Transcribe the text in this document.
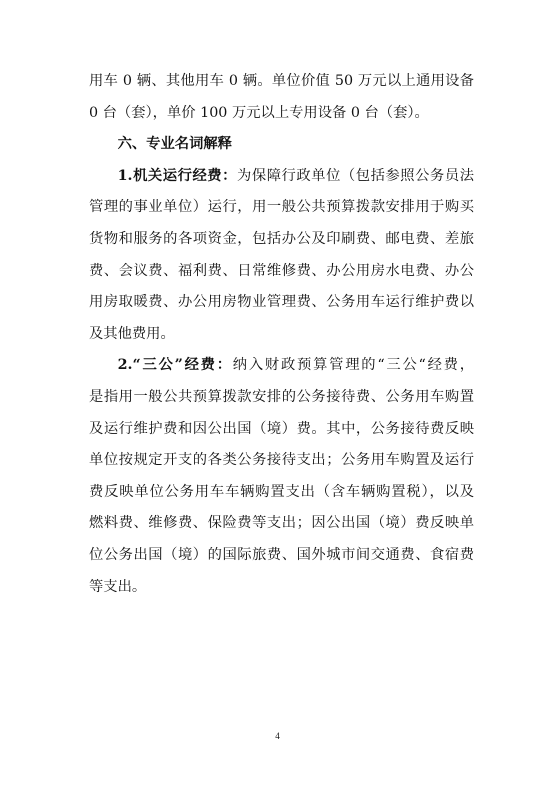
用车 0 辆、其他用车 0 辆。单位价值 50 万元以上通用设备
0 台（套），单价 100 万元以上专用设备 0 台（套）。
六、专业名词解释
1.机关运行经费：为保障行政单位（包括参照公务员法
管理的事业单位）运行，用一般公共预算拨款安排用于购买
货物和服务的各项资金，包括办公及印刷费、邮电费、差旅
费、会议费、福利费、日常维修费、办公用房水电费、办公
用房取暖费、办公用房物业管理费、公务用车运行维护费以
及其他费用。
2.“三公”经费：纳入财政预算管理的“三公“经费，
是指用一般公共预算拨款安排的公务接待费、公务用车购置
及运行维护费和因公出国（境）费。其中，公务接待费反映
单位按规定开支的各类公务接待支出；公务用车购置及运行
费反映单位公务用车车辆购置支出（含车辆购置税），以及
燃料费、维修费、保险费等支出；因公出国（境）费反映单
位公务出国（境）的国际旅费、国外城市间交通费、食宿费
等支出。
4
